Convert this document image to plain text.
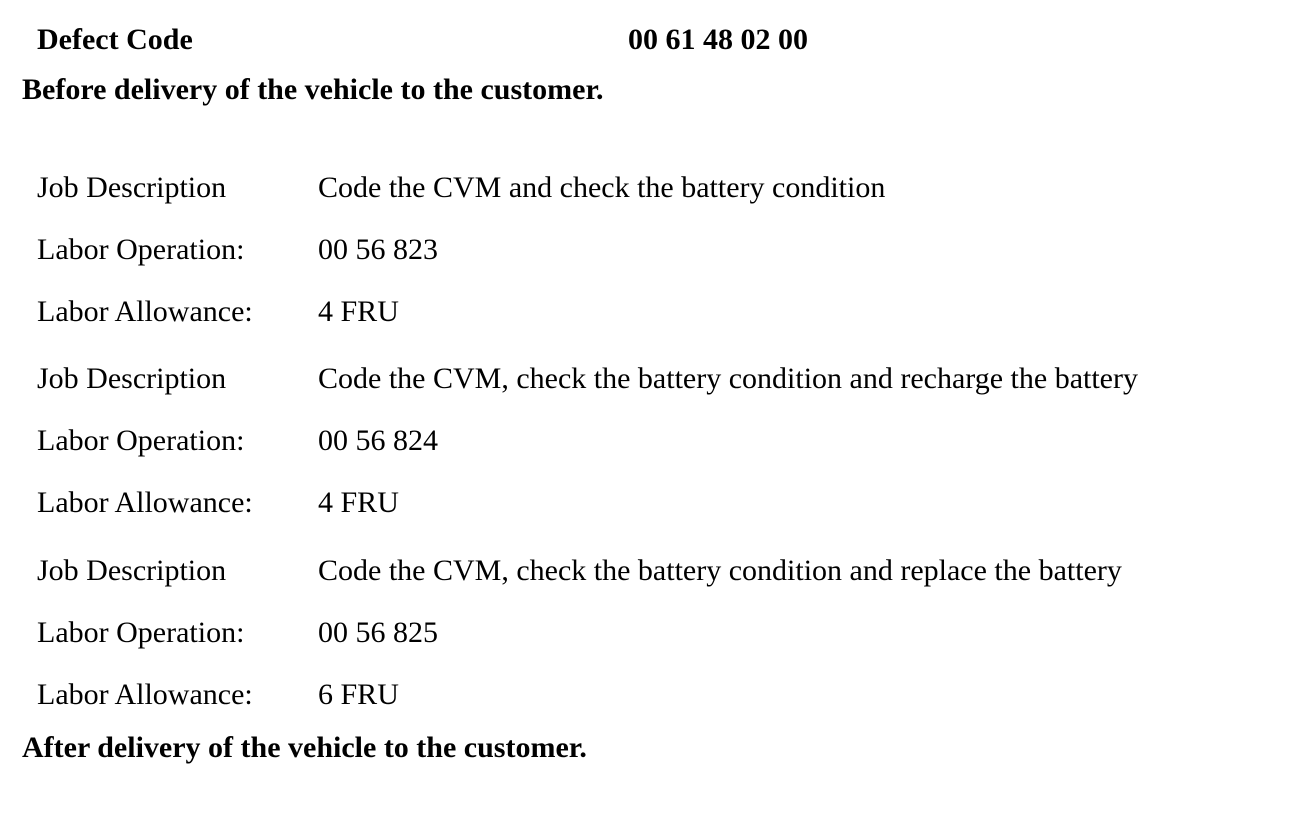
Defect Code	00 61 48 02 00
Before delivery of the vehicle to the customer.
Job Description	Code the CVM and check the battery condition
Labor Operation: 00 56 823
Labor Allowance: 4 FRU
Job Description	Code the CVM, check the battery condition and recharge the battery
Labor Operation: 00 56 824
Labor Allowance: 4 FRU
Job Description	Code the CVM, check the battery condition and replace the battery
Labor Operation: 00 56 825
Labor Allowance: 6 FRU
After delivery of the vehicle to the customer.
